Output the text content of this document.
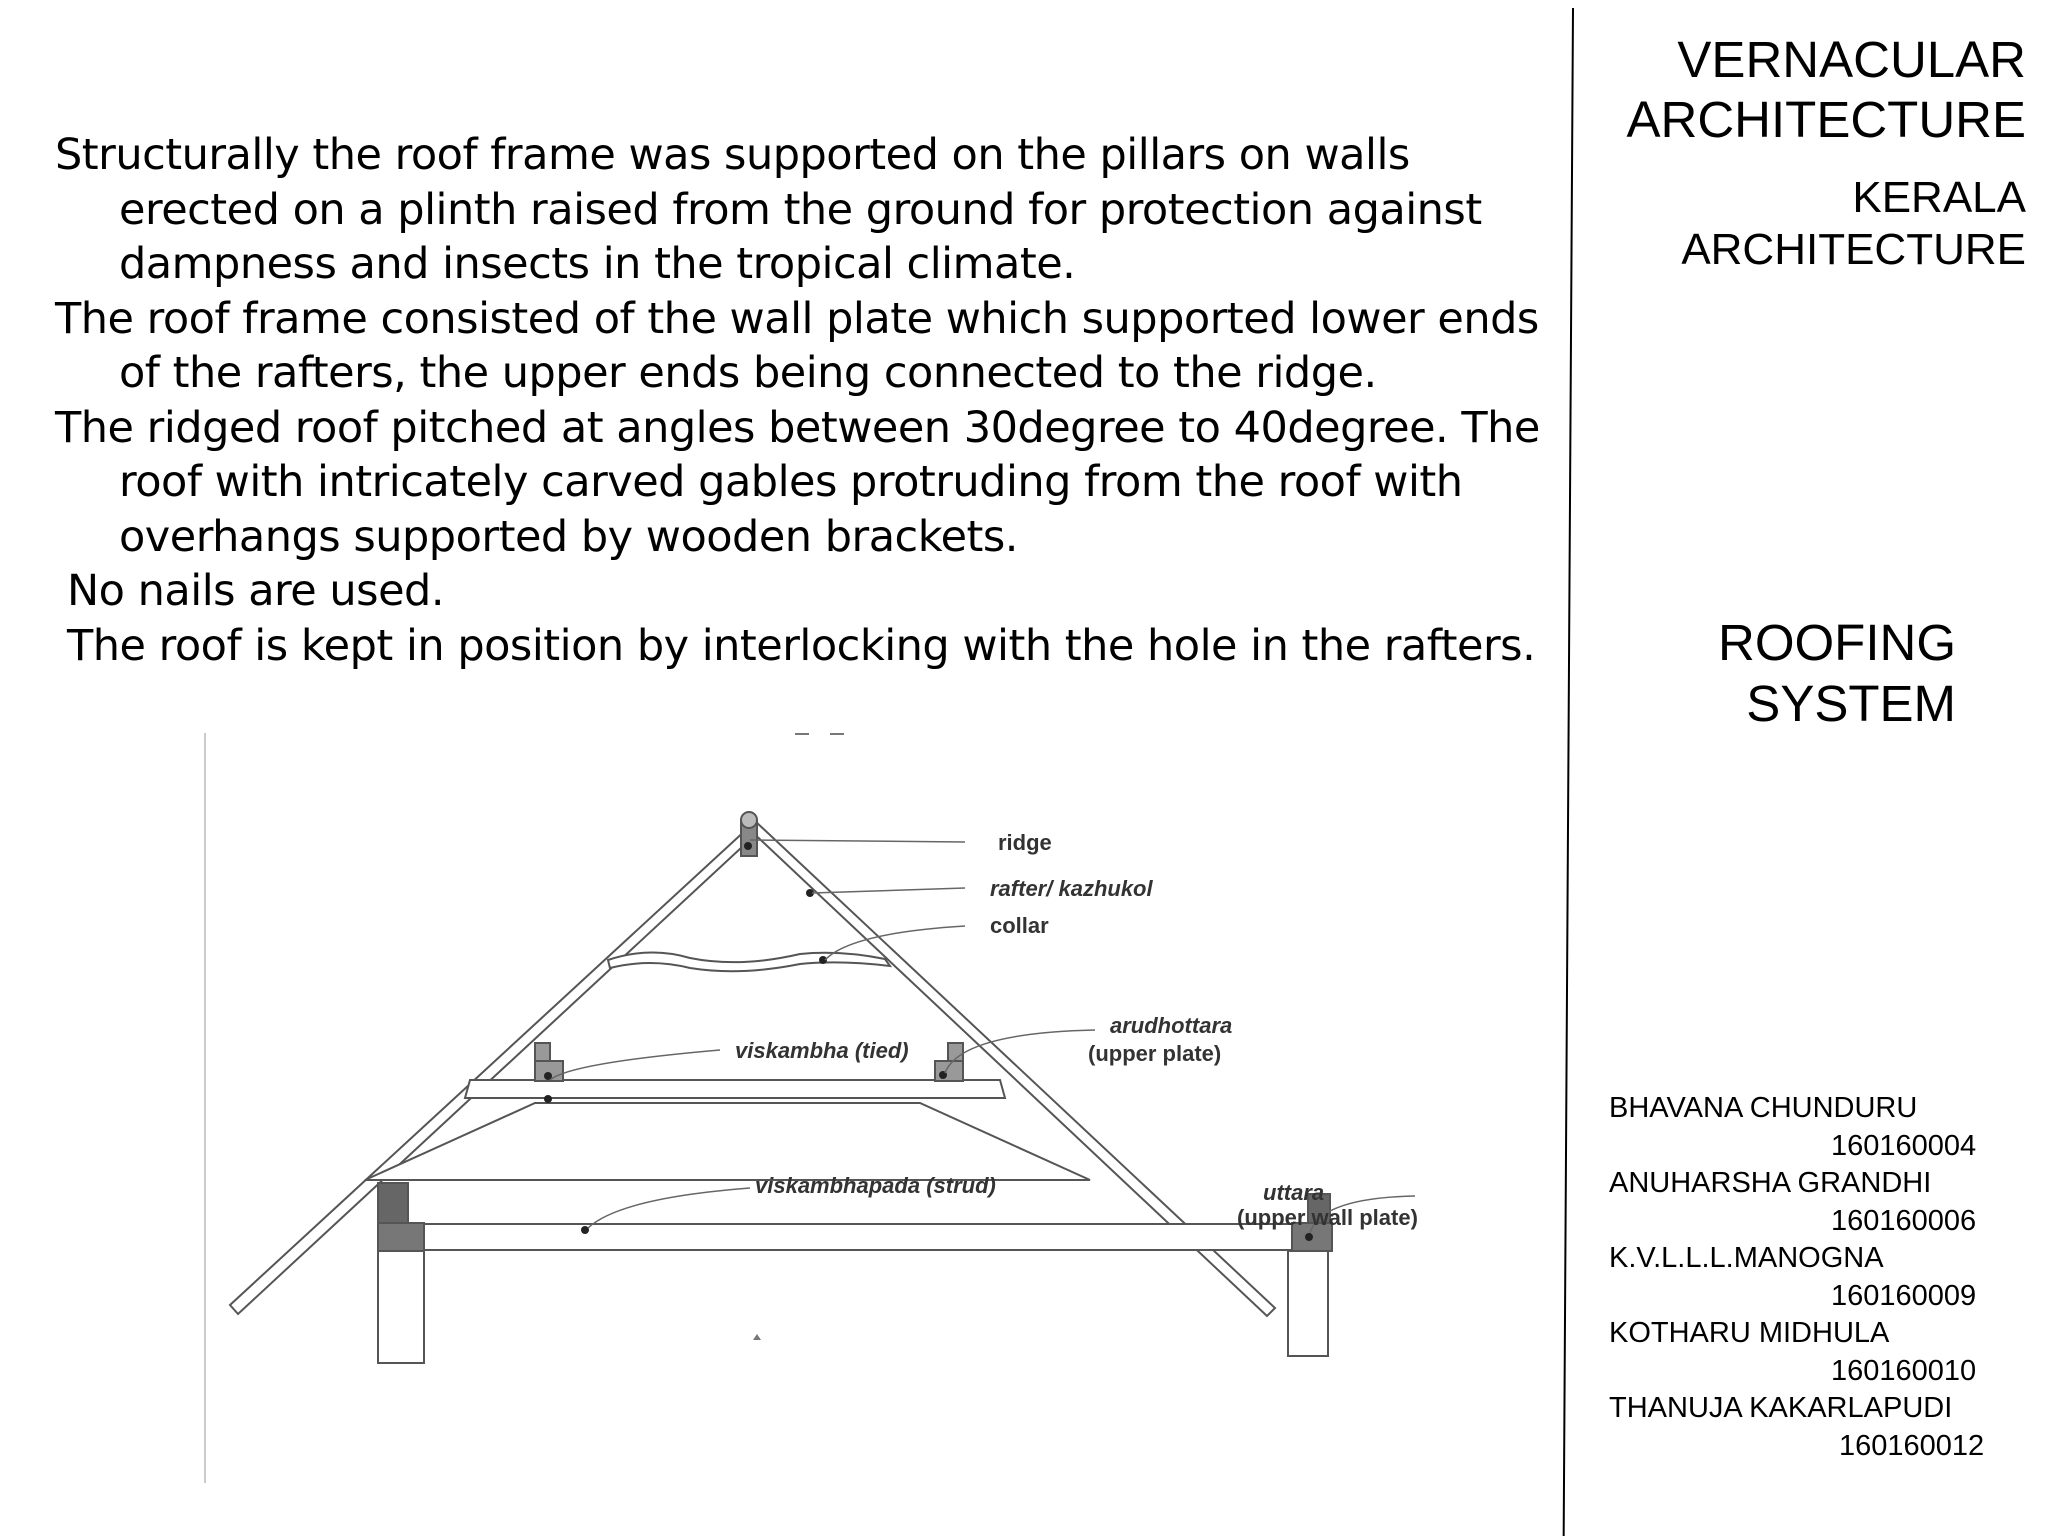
Structurally the roof frame was supported on the pillars on walls erected on a plinth raised from the ground for protection against dampness and insects in the tropical climate.

The roof frame consisted of the wall plate which supported lower ends of the rafters, the upper ends being connected to the ridge.

The ridged roof pitched at angles between 30degree to 40degree. The roof with intricately carved gables protruding from the roof with overhangs supported by wooden brackets.

No nails are used.

The roof is kept in position by interlocking with the hole in the rafters.

ridge
rafter/ kazhukol
collar
viskambha (tied)
arudhottara
(upper plate)
viskambhapada (strud)	uttara
(upper wall plate)
VERNACULAR ARCHITECTURE
KERALA ARCHITECTURE
ROOFING SYSTEM
BHAVANA CHUNDURU
160160004
ANUHARSHA GRANDHI
160160006
K.V.L.L.L.MANOGNA
160160009
KOTHARU MIDHULA
160160010
THANUJA KAKARLAPUDI
160160012
